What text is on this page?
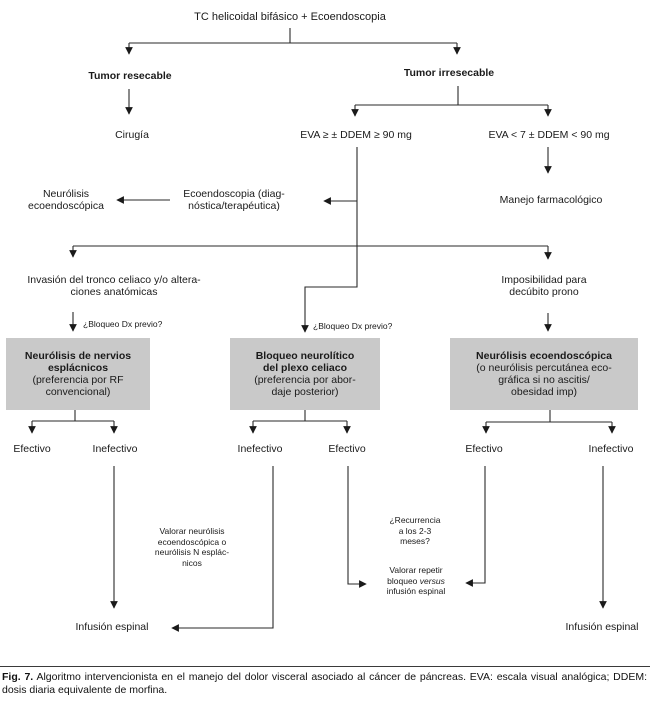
TC helicoidal bifásico + Ecoendoscopia
Tumor resecable	Tumor irresecable
Cirugía	EVA ≥ ± DDEM ≥ 90 mg	EVA < 7 ± DDEM < 90 mg
Neurólisis
ecoendoscópica
Ecoendoscopia (diag-
nóstica/terapéutica)	Manejo farmacológico
Invasión del tronco celiaco y/o altera-
ciones anatómicas
Imposibilidad para
decúbito prono
¿Bloqueo Dx previo?	¿Bloqueo Dx previo?
Neurólisis de nervios
esplácnicos
(preferencia por RF
convencional)
Bloqueo neurolítico
del plexo celiaco
(preferencia por abor-
daje posterior)
Neurólisis ecoendoscópica
(o neurólisis percutánea eco-
gráfica si no ascitis/
obesidad imp)
Efectivo	Inefectivo	Inefectivo	Efectivo	Efectivo	Inefectivo
Valorar neurólisis
ecoendoscópica o
neurólisis N esplác-
nicos
¿Recurrencia
a los 2-3
meses?
Valorar repetir
bloqueo versus
infusión espinal
Infusión espinal	Infusión espinal
Fig. 7. Algoritmo intervencionista en el manejo del dolor visceral asociado al cáncer de páncreas. EVA: escala visual analógica; DDEM: dosis diaria equivalente de morfina.
